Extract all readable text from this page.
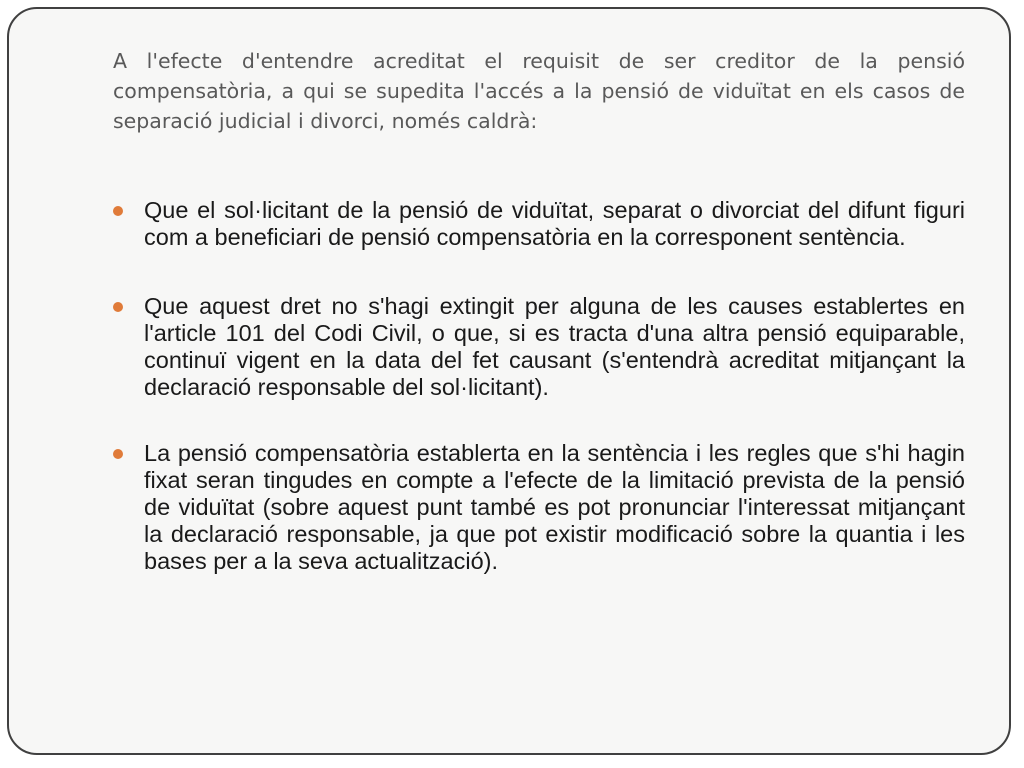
A l'efecte d'entendre acreditat el requisit de ser creditor de la pensió compensatòria, a qui se supedita l'accés a la pensió de viduïtat en els casos de separació judicial i divorci, només caldrà:

Que el sol·licitant de la pensió de viduïtat, separat o divorciat del difunt figuri com a beneficiari de pensió compensatòria en la corresponent sentència.
Que aquest dret no s'hagi extingit per alguna de les causes establertes en l'article 101 del Codi Civil, o que, si es tracta d'una altra pensió equiparable, continuï vigent en la data del fet causant (s'entendrà acreditat mitjançant la declaració responsable del sol·licitant).
La pensió compensatòria establerta en la sentència i les regles que s'hi hagin fixat seran tingudes en compte a l'efecte de la limitació prevista de la pensió de viduïtat (sobre aquest punt també es pot pronunciar l'interessat mitjançant la declaració responsable, ja que pot existir modificació sobre la quantia i les bases per a la seva actualització).
